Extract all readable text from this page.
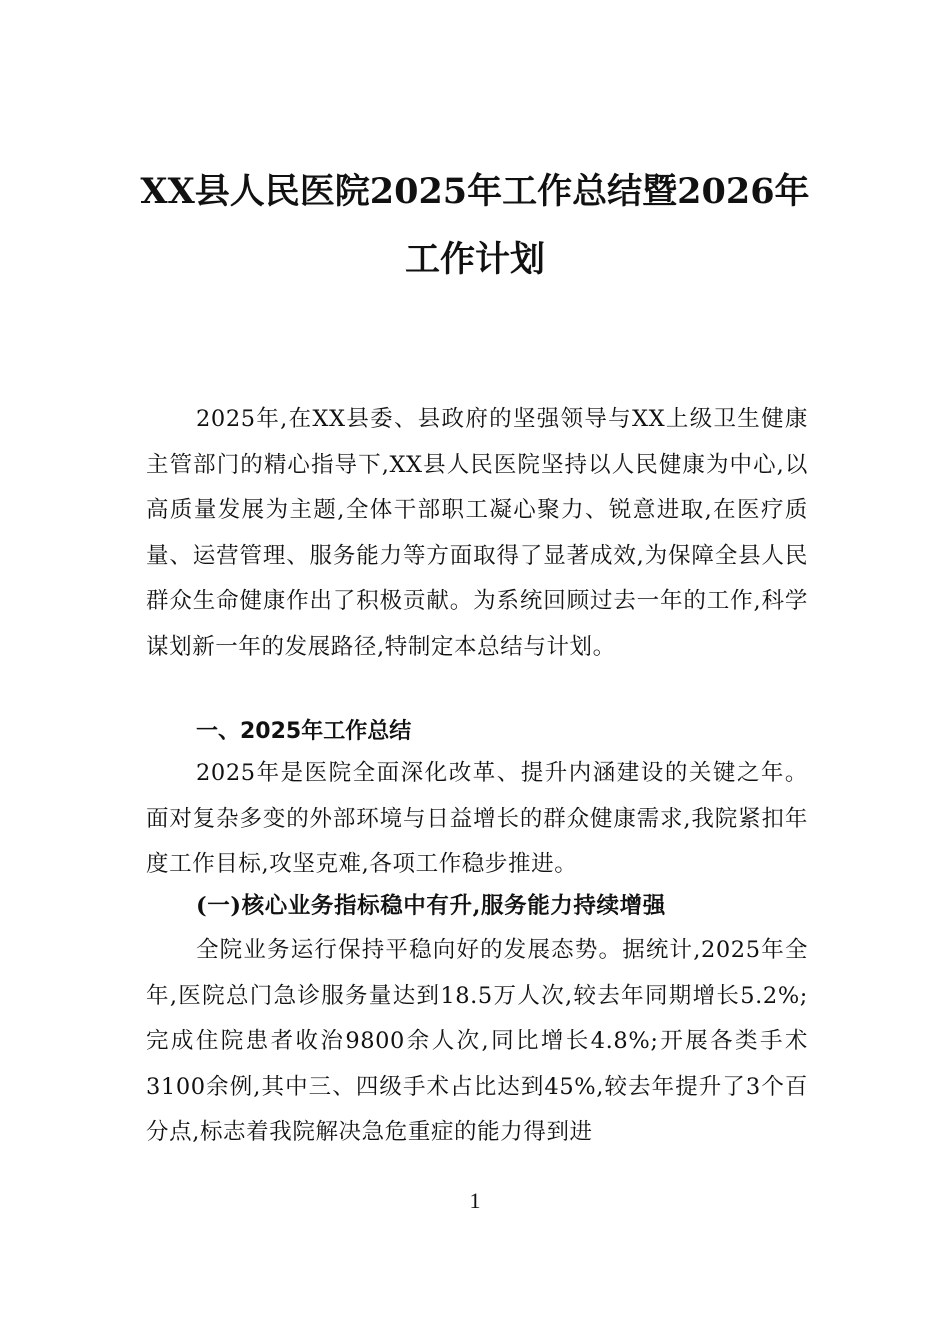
XX县人民医院2025年工作总结暨2026年
工作计划

2025年,在XX县委、县政府的坚强领导与XX上级卫生健康主管部门的精心指导下,XX县人民医院坚持以人民健康为中心,以高质量发展为主题,全体干部职工凝心聚力、锐意进取,在医疗质量、运营管理、服务能力等方面取得了显著成效,为保障全县人民群众生命健康作出了积极贡献。为系统回顾过去一年的工作,科学谋划新一年的发展路径,特制定本总结与计划。

一、2025年工作总结

2025年是医院全面深化改革、提升内涵建设的关键之年。面对复杂多变的外部环境与日益增长的群众健康需求,我院紧扣年度工作目标,攻坚克难,各项工作稳步推进。

(一)核心业务指标稳中有升,服务能力持续增强

全院业务运行保持平稳向好的发展态势。据统计,2025年全年,医院总门急诊服务量达到18.5万人次,较去年同期增长5.2%;完成住院患者收治9800余人次,同比增长4.8%;开展各类手术3100余例,其中三、四级手术占比达到45%,较去年提升了3个百分点,标志着我院解决急危重症的能力得到进

1
